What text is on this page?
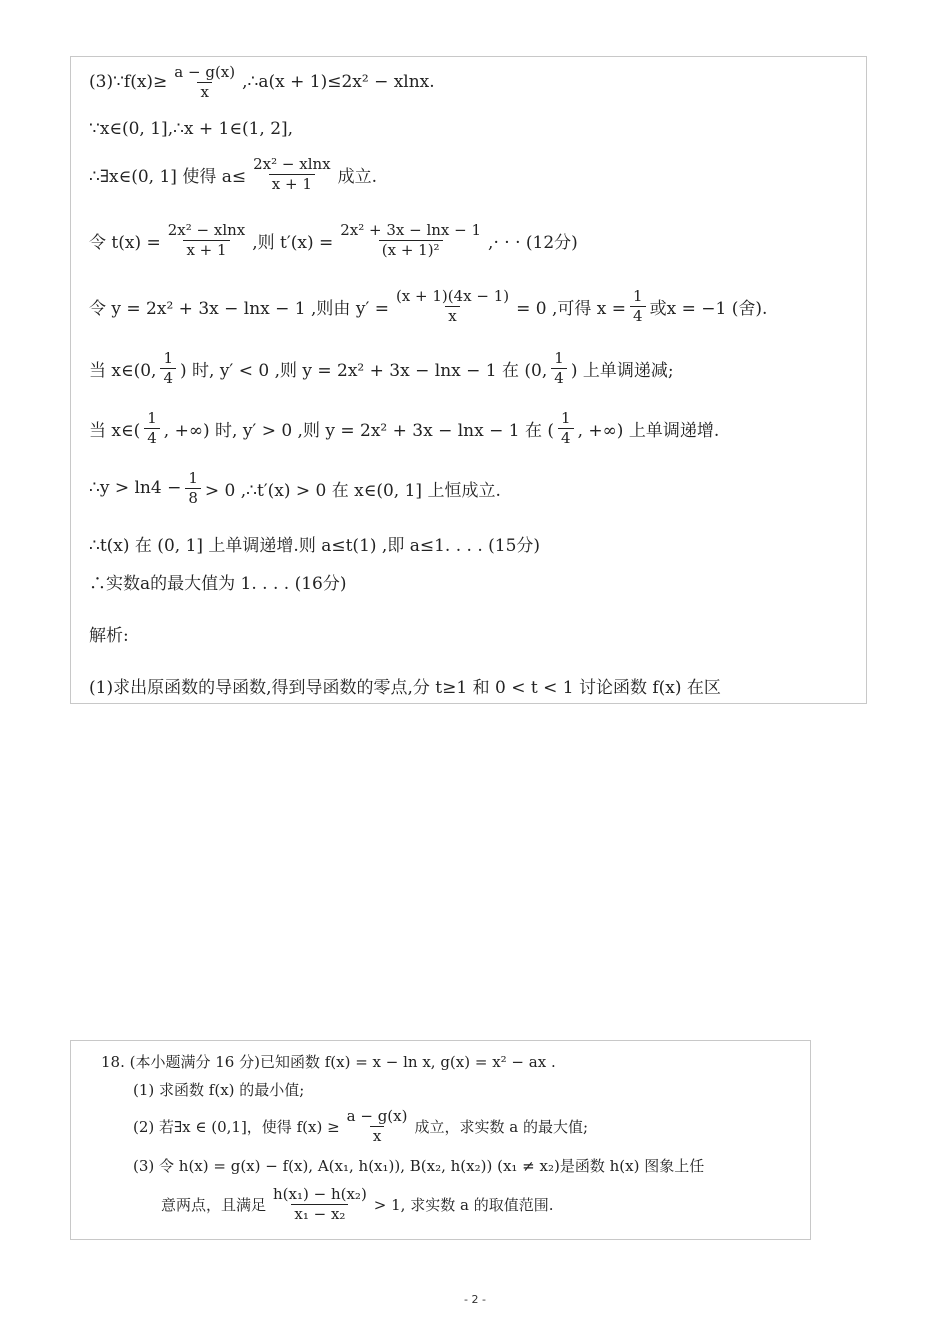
(3)∵f(x)≥ $\frac{a - g(x)}{x}$ ,∴a(x + 1)≤2x² − xlnx.
∵x∈(0, 1],∴x + 1∈(1, 2],
∴∃x∈(0, 1] 使得 $a\le \frac{\text{2x² − xlnx}}{x + 1}$ 成立.
令 $t(x) = \frac{\text{2x² − xlnx}}{x + 1}$ ,则 $t'(x) = \frac{\text{2x² + 3x − lnx − 1}}{\text{(x + 1)²}}$ ,· · · (12分)
令 y = 2x² + 3x − lnx − 1 ,则由 $y' = \frac{(x + 1)(4x - 1)}{x} = 0$ ,可得 $x = \frac{1}{4}$ 或x = −1 (舍).
当 x∈(0, $\frac{1}{4}$ ) 时, y′ < 0 ,则 y = 2x² + 3x − lnx − 1 在 (0, $\frac{1}{4}$ ) 上单调递减;
当 x∈( $\frac{1}{4}$ , +∞) 时, y′ > 0 ,则 y = 2x² + 3x − lnx − 1 在 ( $\frac{1}{4}$ , +∞) 上单调递增.
∴y > $\ln 4 - \frac{1}{8} > 0$ ,∴t′(x) > 0 在 x∈(0, 1] 上恒成立.
∴t(x) 在 (0, 1] 上单调递增.则 a≤t(1) ,即 a≤1. . . . (15分)
∴实数a的最大值为 1. . . . (16分)
解析:
(1)求出原函数的导函数,得到导函数的零点,分 t≥1 和 0 < t < 1 讨论函数 f(x) 在区
18. (本小题满分 16 分)已知函数 f(x) = x − ln x, g(x) = x² − ax .
(1) 求函数 f(x) 的最小值;
(2) 若∃x ∈ (0,1]，使得 $f(x) \ge \frac{a - g(x)}{x}$ 成立，求实数 a 的最大值;
(3) 令 h(x) = g(x) − f(x), A(x₁, h(x₁)), B(x₂, h(x₂)) (x₁ ≠ x₂)是函数 h(x) 图象上任
意两点，且满足 $\frac{\text{h(x₁) − h(x₂)}}{\text{x₁ − x₂}} > 1$, 求实数 a 的取值范围.
- 2 -
